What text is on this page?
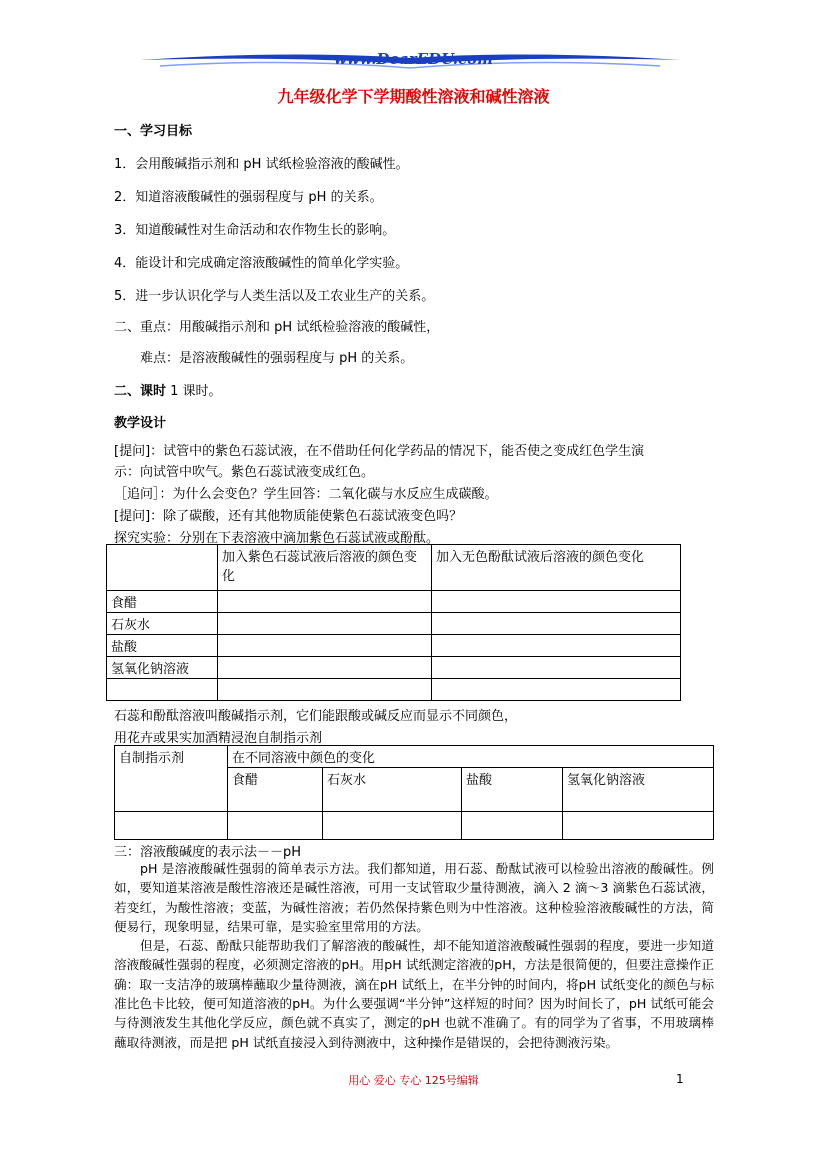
www.DearEDU.com
九年级化学下学期酸性溶液和碱性溶液
一、学习目标
1．会用酸碱指示剂和 pH 试纸检验溶液的酸碱性。
2．知道溶液酸碱性的强弱程度与 pH 的关系。
3．知道酸碱性对生命活动和农作物生长的影响。
4．能设计和完成确定溶液酸碱性的简单化学实验。
5．进一步认识化学与人类生活以及工农业生产的关系。
二、重点：用酸碱指示剂和 pH 试纸检验溶液的酸碱性，
难点：是溶液酸碱性的强弱程度与 pH 的关系。
二、课时 1 课时。
教学设计
[提问]：试管中的紫色石蕊试液，在不借助任何化学药品的情况下，能否使之变成红色学生演
示：向试管中吹气。紫色石蕊试液变成红色。
［追问］：为什么会变色？学生回答：二氧化碳与水反应生成碳酸。
[提问]：除了碳酸，还有其他物质能使紫色石蕊试液变色吗？
探究实验：分别在下表溶液中滴加紫色石蕊试液或酚酞。
	加入紫色石蕊试液后溶液的颜色变化	加入无色酚酞试液后溶液的颜色变化
食醋		
石灰水		
盐酸		
氢氧化钠溶液		

石蕊和酚酞溶液叫酸碱指示剂，它们能跟酸或碱反应而显示不同颜色，
用花卉或果实加酒精浸泡自制指示剂
自制指示剂	在不同溶液中颜色的变化			
	食醋	石灰水	盐酸	氢氧化钠溶液

三：溶液酸碱度的表示法－－pH

pH 是溶液酸碱性强弱的简单表示方法。我们都知道，用石蕊、酚酞试液可以检验出溶液的酸碱性。例如，要知道某溶液是酸性溶液还是碱性溶液，可用一支试管取少量待测液，滴入 2 滴～3 滴紫色石蕊试液，若变红，为酸性溶液；变蓝，为碱性溶液；若仍然保持紫色则为中性溶液。这种检验溶液酸碱性的方法，简便易行，现象明显，结果可靠，是实验室里常用的方法。

但是，石蕊、酚酞只能帮助我们了解溶液的酸碱性，却不能知道溶液酸碱性强弱的程度，要进一步知道溶液酸碱性强弱的程度，必须测定溶液的pH。用pH 试纸测定溶液的pH，方法是很简便的，但要注意操作正确：取一支洁净的玻璃棒蘸取少量待测液，滴在pH 试纸上，在半分钟的时间内，将pH 试纸变化的颜色与标准比色卡比较，便可知道溶液的pH。为什么要强调“半分钟”这样短的时间？因为时间长了，pH 试纸可能会与待测液发生其他化学反应，颜色就不真实了，测定的pH 也就不准确了。有的同学为了省事，不用玻璃棒蘸取待测液，而是把 pH 试纸直接浸入到待测液中，这种操作是错误的，会把待测液污染。

用心 爱心 专心 125号编辑	1
